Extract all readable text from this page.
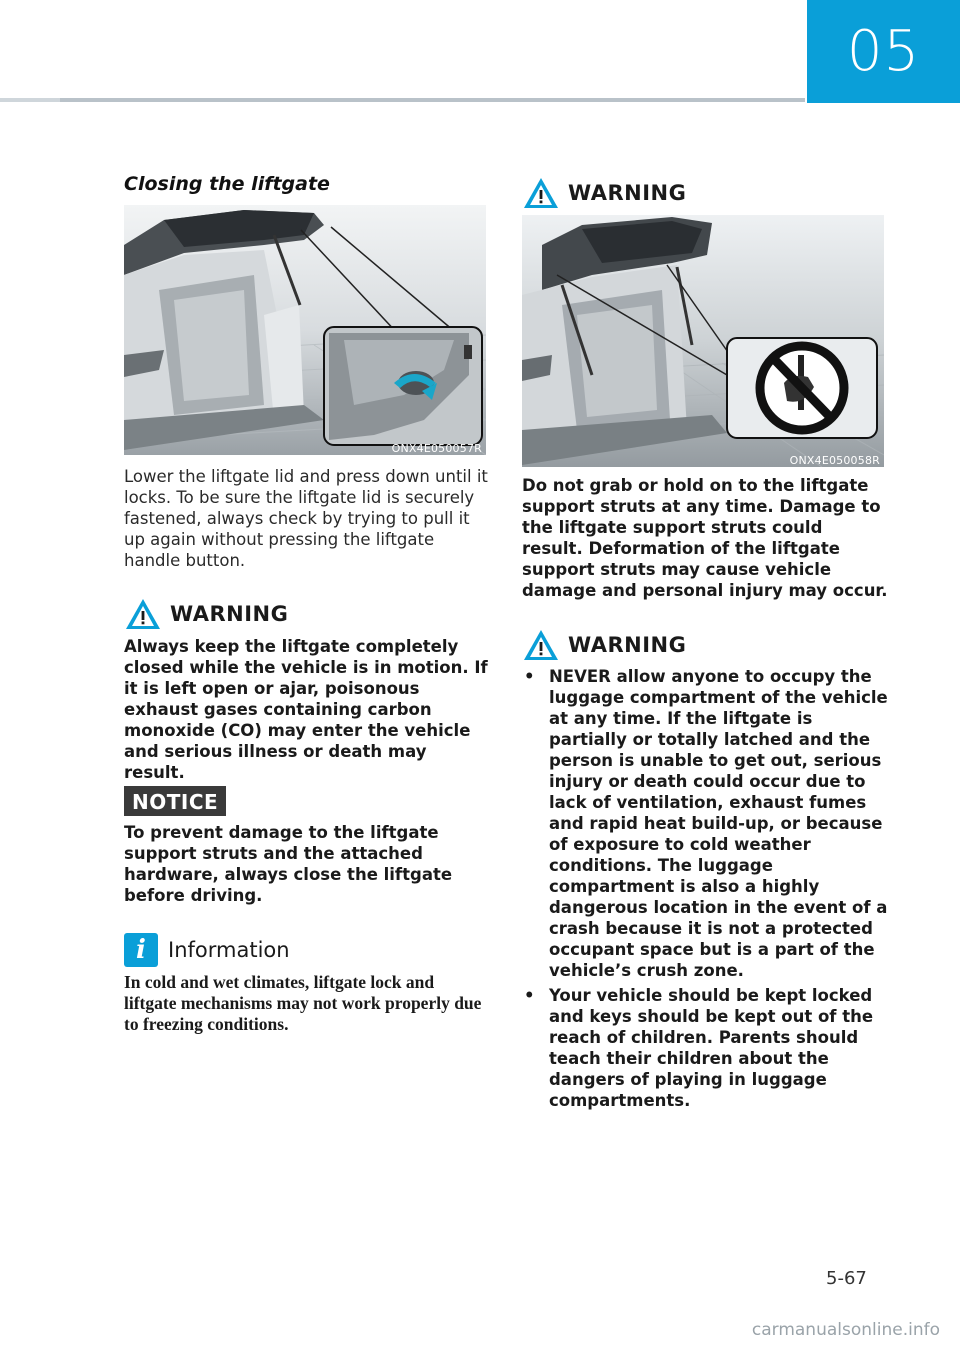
05
Closing the liftgate
ONX4E050057R
Lower the liftgate lid and press down until it locks. To be sure the liftgate lid is securely fastened, always check by trying to pull it up again without pressing the liftgate handle button.
WARNING
Always keep the liftgate completely closed while the vehicle is in motion. If it is left open or ajar, poisonous exhaust gases containing carbon monoxide (CO) may enter the vehicle and serious illness or death may result.
NOTICE
To prevent damage to the liftgate support struts and the attached hardware, always close the liftgate before driving.
i Information
In cold and wet climates, liftgate lock and liftgate mechanisms may not work properly due to freezing conditions.
WARNING
ONX4E050058R
Do not grab or hold on to the liftgate support struts at any time. Damage to the liftgate support struts could result. Deformation of the liftgate support struts may cause vehicle damage and personal injury may occur.
WARNING
• NEVER allow anyone to occupy the luggage compartment of the vehicle at any time. If the liftgate is partially or totally latched and the person is unable to get out, serious injury or death could occur due to lack of ventilation, exhaust fumes and rapid heat build-up, or because of exposure to cold weather conditions. The luggage compartment is also a highly dangerous location in the event of a crash because it is not a protected occupant space but is a part of the vehicle’s crush zone.
• Your vehicle should be kept locked and keys should be kept out of the reach of children. Parents should teach their children about the dangers of playing in luggage compartments.
5-67
carmanualsonline.info
